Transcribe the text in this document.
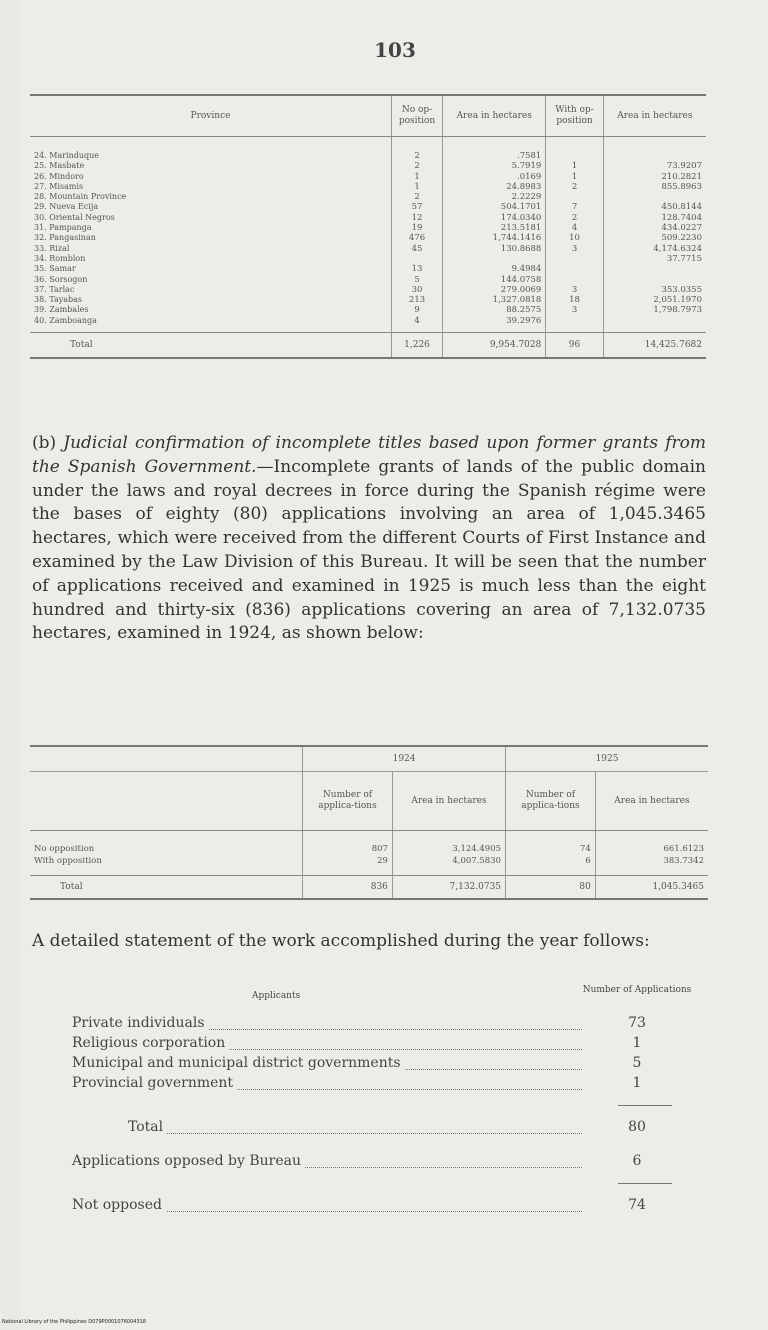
103
Province	No op-position	Area in hectares	With op-position	Area in hectares
24. Marinduque	2	.7581		
25. Masbate	2	5.7919	1	73.9207
26. Mindoro	1	.0169	1	210.2821
27. Misamis	1	24.8983	2	855.8963
28. Mountain Province	2	2.2229		
29. Nueva Ecija	57	504.1701	7	450.8144
30. Oriental Negros	12	174.0340	2	128.7404
31. Pampanga	19	213.5181	4	434.0227
32. Pangasinan	476	1,744.1416	10	509.2230
33. Rizal	45	130.8688	3	4,174.6324
34. Romblon				37.7715
35. Samar	13	9.4984		
36. Sorsogon	5	144.0758		
37. Tarlac	30	279.0069	3	353.0355
38. Tayabas	213	1,327.0818	18	2,051.1970
39. Zambales	9	88.2575	3	1,798.7973
40. Zamboanga	4	39.2976		
Total	1,226	9,954.7028	96	14,425.7682
(b) Judicial confirmation of incomplete titles based upon former grants from the Spanish Government.—Incomplete grants of lands of the public domain under the laws and royal decrees in force during the Spanish régime were the bases of eighty (80) applications involving an area of 1,045.3465 hectares, which were received from the different Courts of First Instance and examined by the Law Division of this Bureau. It will be seen that the number of applications received and examined in 1925 is much less than the eight hundred and thirty-six (836) applications covering an area of 7,132.0735 hectares, examined in 1924, as shown below:
	1924		1925	
	Number of applica-tions	Area in hectares	Number of applica-tions	Area in hectares
No opposition	807	3,124.4905	74	661.6123
With opposition	29	4,007.5830	6	383.7342
Total	836	7,132.0735	80	1,045.3465
A detailed statement of the work accomplished during the year follows:
Applicants
Number of Applications
Private individuals	73
Religious corporation	1
Municipal and municipal district governments	5
Provincial government	1
Total	80
Applications opposed by Bureau	6
Not opposed	74
National Library of the Philippines D079P0001076004318
